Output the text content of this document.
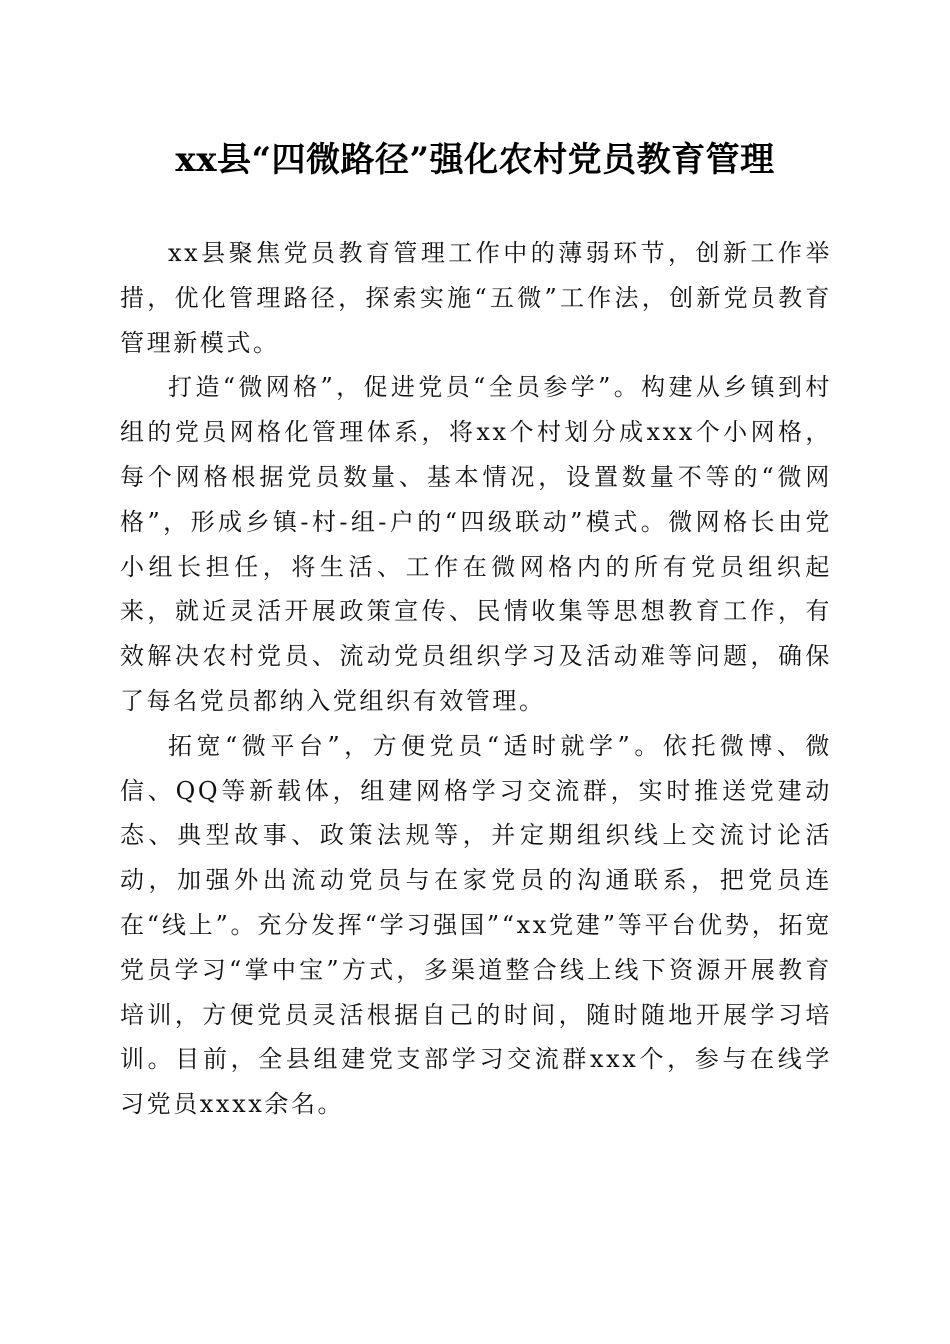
xx县“四微路径”强化农村党员教育管理

xx县聚焦党员教育管理工作中的薄弱环节，创新工作举措，优化管理路径，探索实施“五微”工作法，创新党员教育管理新模式。

打造“微网格”，促进党员“全员参学”。构建从乡镇到村组的党员网格化管理体系，将xx个村划分成xxx个小网格，每个网格根据党员数量、基本情况，设置数量不等的“微网格”，形成乡镇-村-组-户的“四级联动”模式。微网格长由党小组长担任，将生活、工作在微网格内的所有党员组织起来，就近灵活开展政策宣传、民情收集等思想教育工作，有效解决农村党员、流动党员组织学习及活动难等问题，确保了每名党员都纳入党组织有效管理。

拓宽“微平台”，方便党员“适时就学”。依托微博、微信、QQ等新载体，组建网格学习交流群，实时推送党建动态、典型故事、政策法规等，并定期组织线上交流讨论活动，加强外出流动党员与在家党员的沟通联系，把党员连在“线上”。充分发挥“学习强国”“xx党建”等平台优势，拓宽党员学习“掌中宝”方式，多渠道整合线上线下资源开展教育培训，方便党员灵活根据自己的时间，随时随地开展学习培训。目前，全县组建党支部学习交流群xxx个，参与在线学习党员xxxx余名。
